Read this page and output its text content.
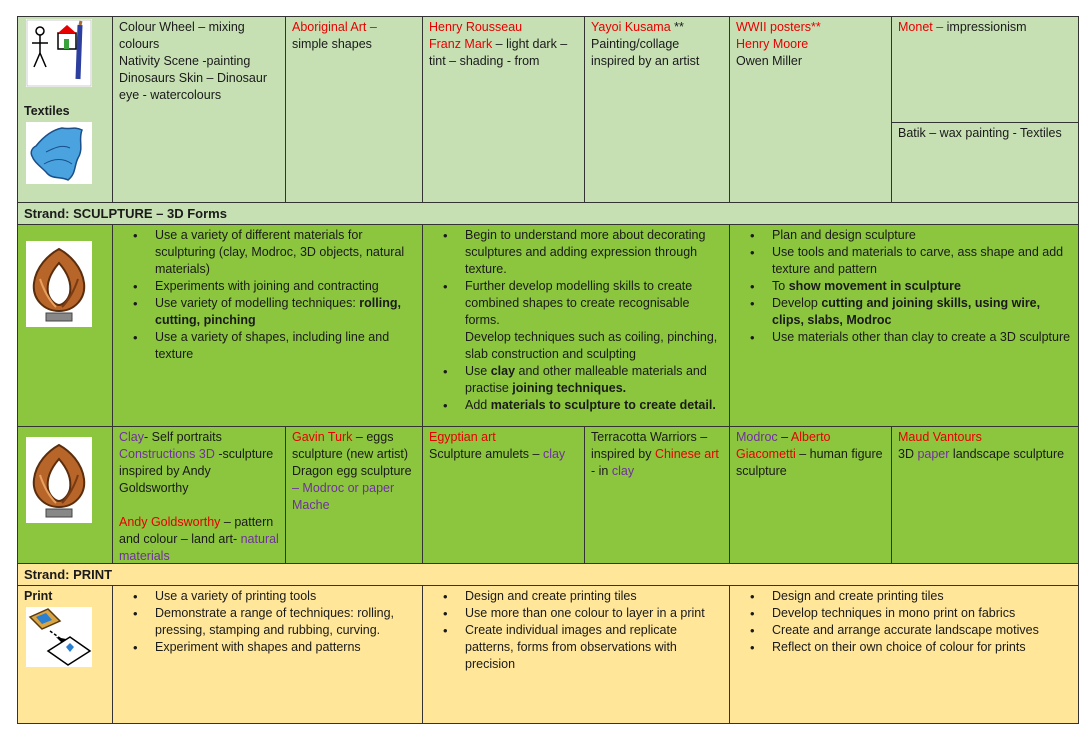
Textiles
Colour Wheel – mixing colours
Nativity Scene -painting
Dinosaurs Skin – Dinosaur eye - watercolours
Aboriginal Art –
simple shapes
Henry Rousseau
Franz Mark – light dark – tint – shading - from
Yayoi Kusama **
Painting/collage inspired by an artist
WWII posters**
Henry Moore
Owen Miller
Monet – impressionism
Batik – wax painting - Textiles
Strand: SCULPTURE – 3D Forms
• Use a variety of different materials for sculpturing (clay, Modroc, 3D objects, natural materials)
• Experiments with joining and contracting
• Use variety of modelling techniques: rolling, cutting, pinching
• Use a variety of shapes, including line and texture
• Begin to understand more about decorating sculptures and adding expression through texture.
• Further develop modelling skills to create combined shapes to create recognisable forms.
Develop techniques such as coiling, pinching, slab construction and sculpting
• Use clay and other malleable materials and practise joining techniques.
• Add materials to sculpture to create detail.
• Plan and design sculpture
• Use tools and materials to carve, ass shape and add texture and pattern
• To show movement in sculpture
• Develop cutting and joining skills, using wire, clips, slabs, Modroc
• Use materials other than clay to create a 3D sculpture
Clay- Self portraits
Constructions 3D -sculpture inspired by Andy Goldsworthy
Andy Goldsworthy – pattern and colour – land art- natural materials
Gavin Turk – eggs sculpture (new artist)
Dragon egg sculpture – Modroc or paper Mache
Egyptian art
Sculpture amulets – clay
Terracotta Warriors – inspired by Chinese art - in clay
Modroc – Alberto Giacometti – human figure sculpture
Maud Vantours
3D paper landscape sculpture
Strand: PRINT
Print
•	Use a variety of printing tools
• Demonstrate a range of techniques: rolling, pressing, stamping and rubbing, curving.
• Experiment with shapes and patterns
• Design and create printing tiles
• Use more than one colour to layer in a print
• Create individual images and replicate patterns, forms from observations with precision
• Design and create printing tiles
• Develop techniques in mono print on fabrics
• Create and arrange accurate landscape motives
• Reflect on their own choice of colour for prints
